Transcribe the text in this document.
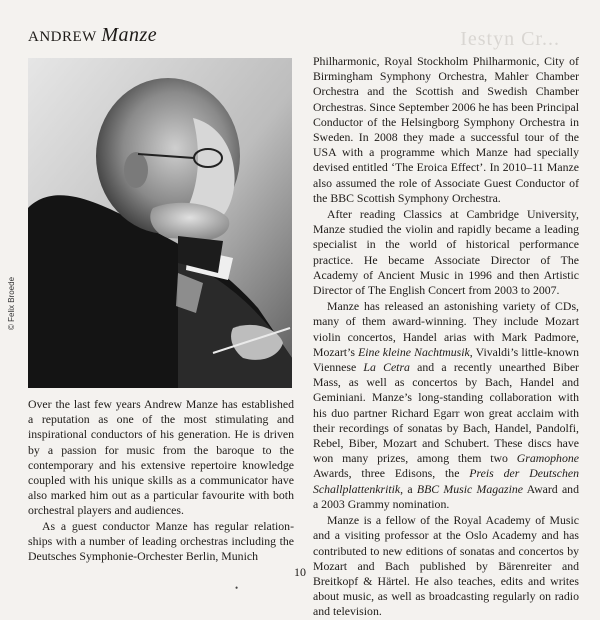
Iestyn Cr...
ANDREW Manze
© Felix Broede

Over the last few years Andrew Manze has established a reputation as one of the most stimulating and inspirational conductors of his generation. He is driven by a passion for music from the baroque to the contemporary and his extensive repertoire knowledge coupled with his unique skills as a communicator have also marked him out as a particular favourite with both orchestral players and audiences.

As a guest conductor Manze has regular relation-ships with a number of leading orchestras including the Deutsches Symphonie-Orchester Berlin, Munich

Philharmonic, Royal Stockholm Philharmonic, City of Birmingham Symphony Orchestra, Mahler Chamber Orchestra and the Scottish and Swedish Chamber Orchestras. Since September 2006 he has been Principal Conductor of the Helsingborg Symphony Orchestra in Sweden. In 2008 they made a successful tour of the USA with a programme which Manze had specially devised entitled ‘The Eroica Effect’. In 2010–11 Manze also assumed the role of Associate Guest Conductor of the BBC Scottish Symphony Orchestra.

After reading Classics at Cambridge University, Manze studied the violin and rapidly became a leading specialist in the world of historical performance practice. He became Associate Director of The Academy of Ancient Music in 1996 and then Artistic Director of The English Concert from 2003 to 2007.

Manze has released an astonishing variety of CDs, many of them award-winning. They include Mozart violin concertos, Handel arias with Mark Padmore, Mozart’s Eine kleine Nachtmusik, Vivaldi’s little-known Viennese La Cetra and a recently unearthed Biber Mass, as well as concertos by Bach, Handel and Geminiani. Manze’s long-standing collaboration with his duo partner Richard Egarr won great acclaim with their recordings of sonatas by Bach, Handel, Pandolfi, Rebel, Biber, Mozart and Schubert. These discs have won many prizes, among them two Gramophone Awards, three Edisons, the Preis der Deutschen Schallplattenkritik, a BBC Music Magazine Award and a 2003 Grammy nomination.

Manze is a fellow of the Royal Academy of Music and a visiting professor at the Oslo Academy and has contributed to new editions of sonatas and concertos by Mozart and Bach published by Bärenreiter and Breitkopf & Härtel. He also teaches, edits and writes about music, as well as broadcasting regularly on radio and television.

10
•
